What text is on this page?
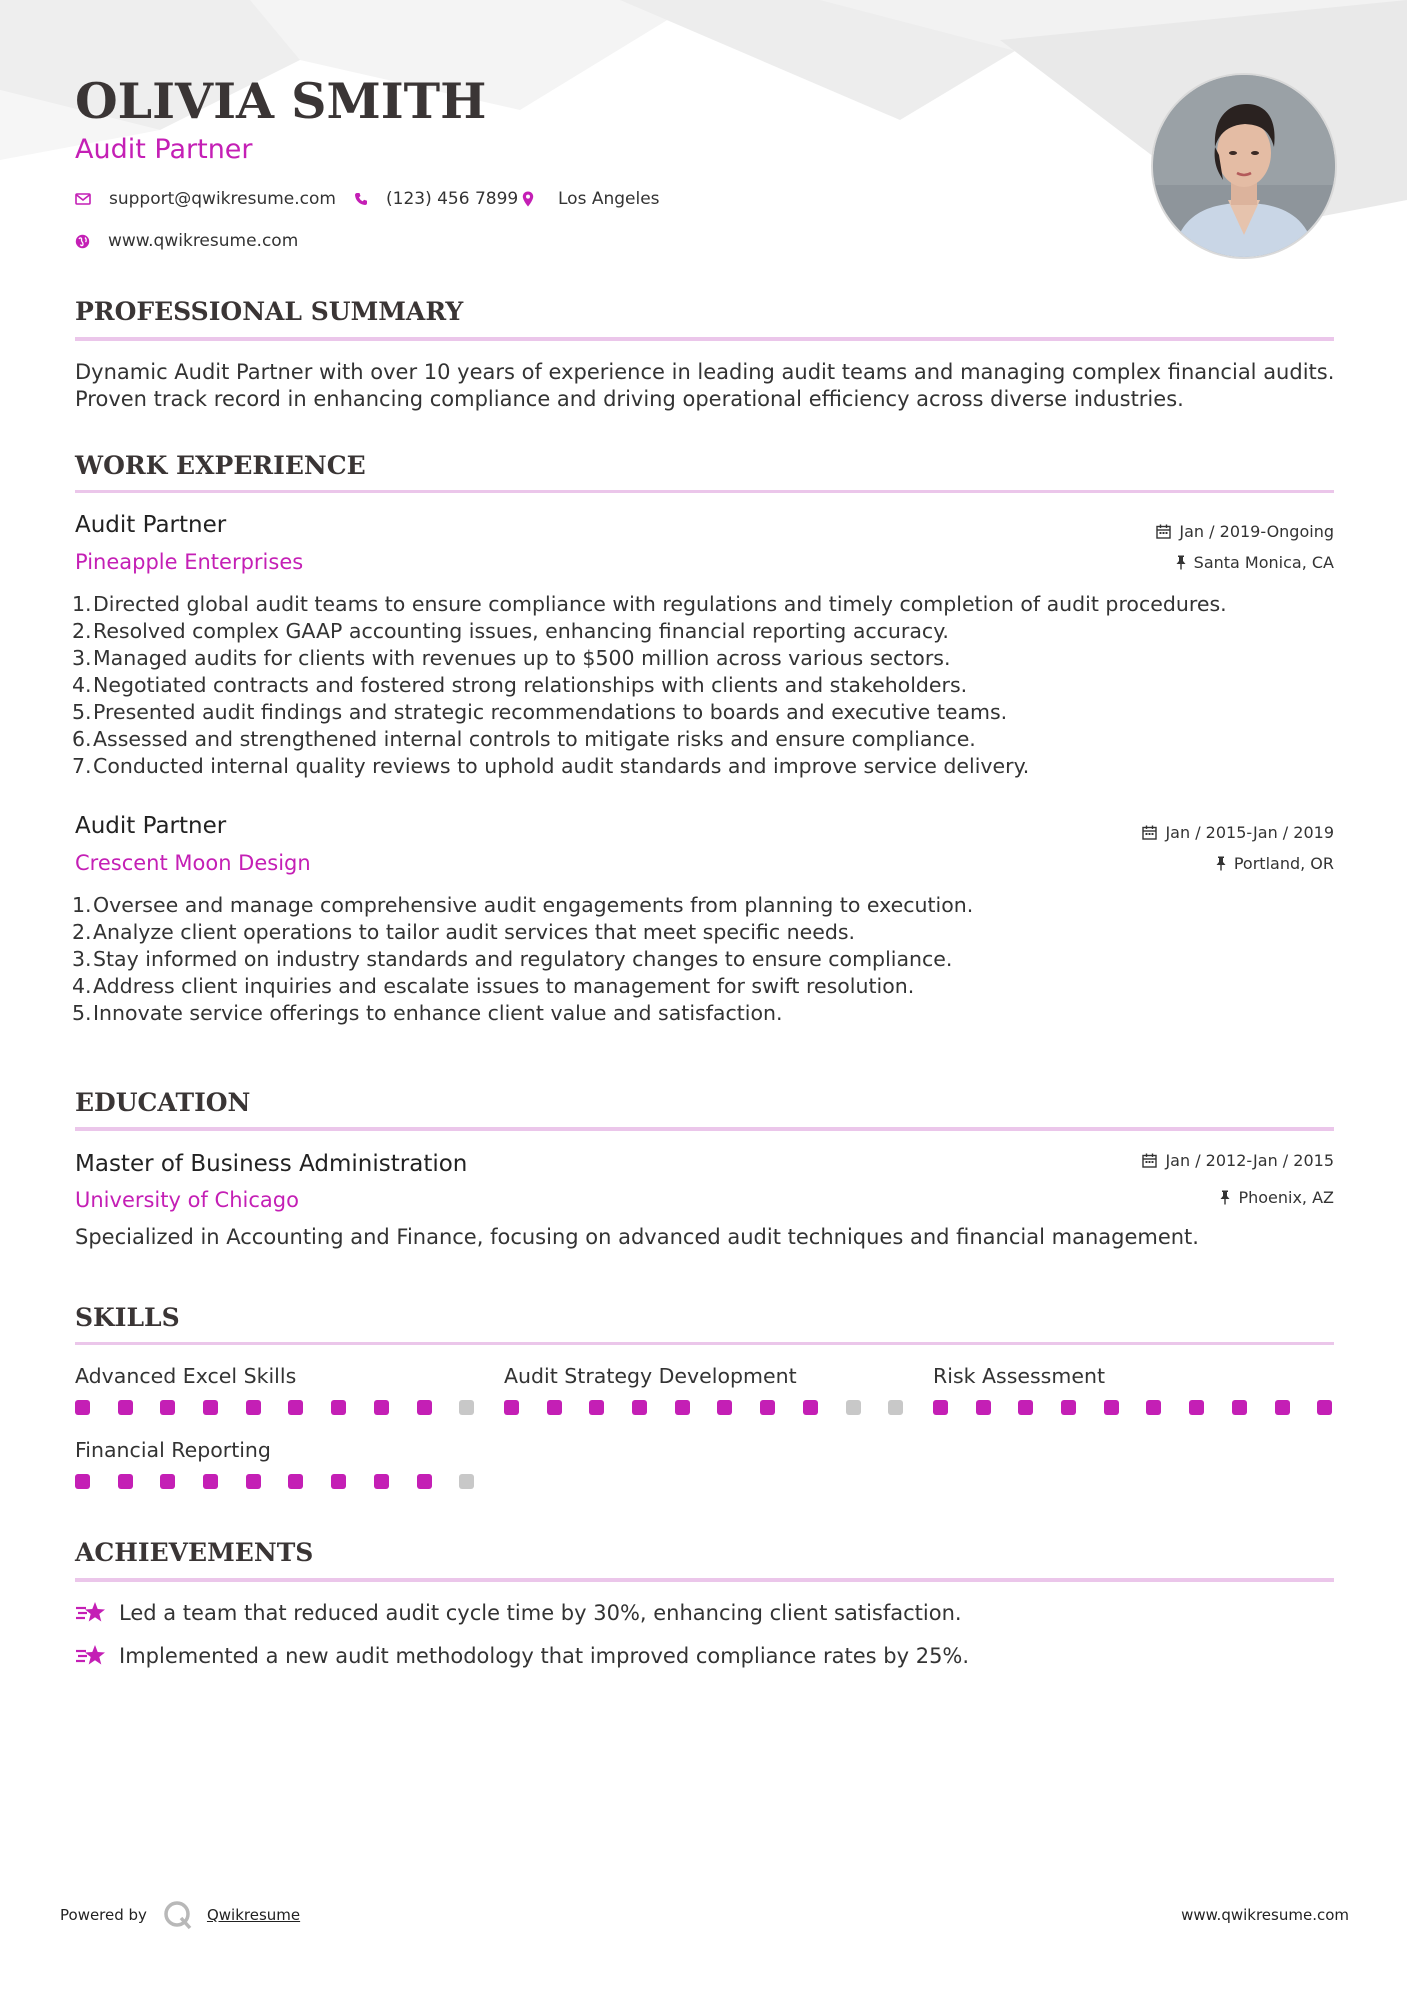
OLIVIA SMITH
Audit Partner
support@qwikresume.com	(123) 456 7899 Los Angeles
www.qwikresume.com
PROFESSIONAL SUMMARY

Dynamic Audit Partner with over 10 years of experience in leading audit teams and managing complex financial audits. Proven track record in enhancing compliance and driving operational efficiency across diverse industries.

WORK EXPERIENCE
Audit Partner
Pineapple Enterprises
Jan / 2019-Ongoing
Santa Monica, CA
1.Directed global audit teams to ensure compliance with regulations and timely completion of audit procedures.
2.Resolved complex GAAP accounting issues, enhancing financial reporting accuracy.
3.Managed audits for clients with revenues up to $500 million across various sectors.
4.Negotiated contracts and fostered strong relationships with clients and stakeholders.
5.Presented audit findings and strategic recommendations to boards and executive teams.
6.Assessed and strengthened internal controls to mitigate risks and ensure compliance.
7.Conducted internal quality reviews to uphold audit standards and improve service delivery.
Audit Partner
Crescent Moon Design
Jan / 2015-Jan / 2019
Portland, OR
1.Oversee and manage comprehensive audit engagements from planning to execution.
2.Analyze client operations to tailor audit services that meet specific needs.
3.Stay informed on industry standards and regulatory changes to ensure compliance.
4.Address client inquiries and escalate issues to management for swift resolution.
5.Innovate service offerings to enhance client value and satisfaction.
EDUCATION
Master of Business Administration
University of Chicago
Jan / 2012-Jan / 2015
Phoenix, AZ

Specialized in Accounting and Finance, focusing on advanced audit techniques and financial management.

SKILLS
Advanced Excel Skills	Audit Strategy Development	Risk Assessment
Financial Reporting
ACHIEVEMENTS
Led a team that reduced audit cycle time by 30%, enhancing client satisfaction.
Implemented a new audit methodology that improved compliance rates by 25%.
Powered by	Qwikresume	www.qwikresume.com
